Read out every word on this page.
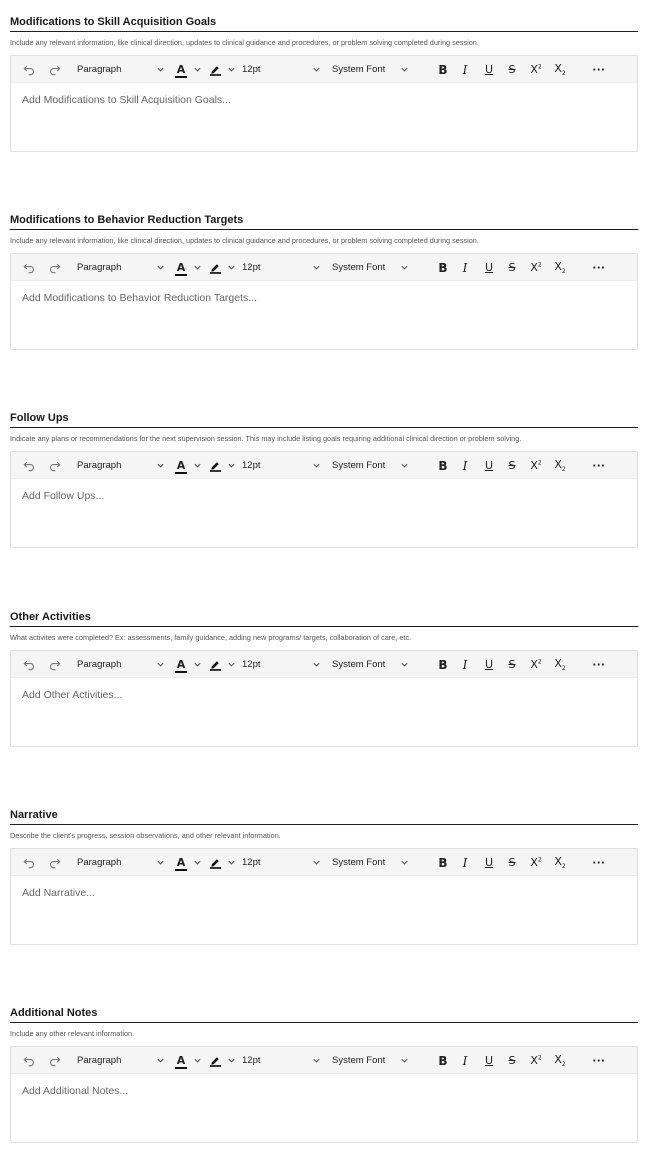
Modifications to Skill Acquisition Goals
Include any relevant information, like clinical direction, updates to clinical guidance and procedures, or problem solving completed during session.
Paragraph	A	12pt	System Font	B I U S $X^2$ $X_2$ ···
Add Modifications to Skill Acquisition Goals...
Modifications to Behavior Reduction Targets
Include any relevant information, like clinical direction, updates to clinical guidance and procedures, or problem solving completed during session.
Paragraph	A	12pt	System Font	B I U S $X^2$ $X_2$ ···
Add Modifications to Behavior Reduction Targets...
Follow Ups
Indicate any plans or recommendations for the next supervision session. This may include listing goals requiring additional clinical direction or problem solving.
Paragraph	A	12pt	System Font	B I U S $X^2$ $X_2$ ···
Add Follow Ups...
Other Activities
What activites were completed? Ex: assessments, family guidance, adding new programs/ targets, collaboration of care, etc.
Paragraph	A	12pt	System Font	B I U S $X^2$ $X_2$ ···
Add Other Activities...
Narrative
Describe the client's progress, session observations, and other relevant information.
Paragraph	A	12pt	System Font	B I U S $X^2$ $X_2$ ···
Add Narrative...
Additional Notes
Include any other relevant information.
Paragraph	A	12pt	System Font	B I U S $X^2$ $X_2$ ···
Add Additional Notes...
